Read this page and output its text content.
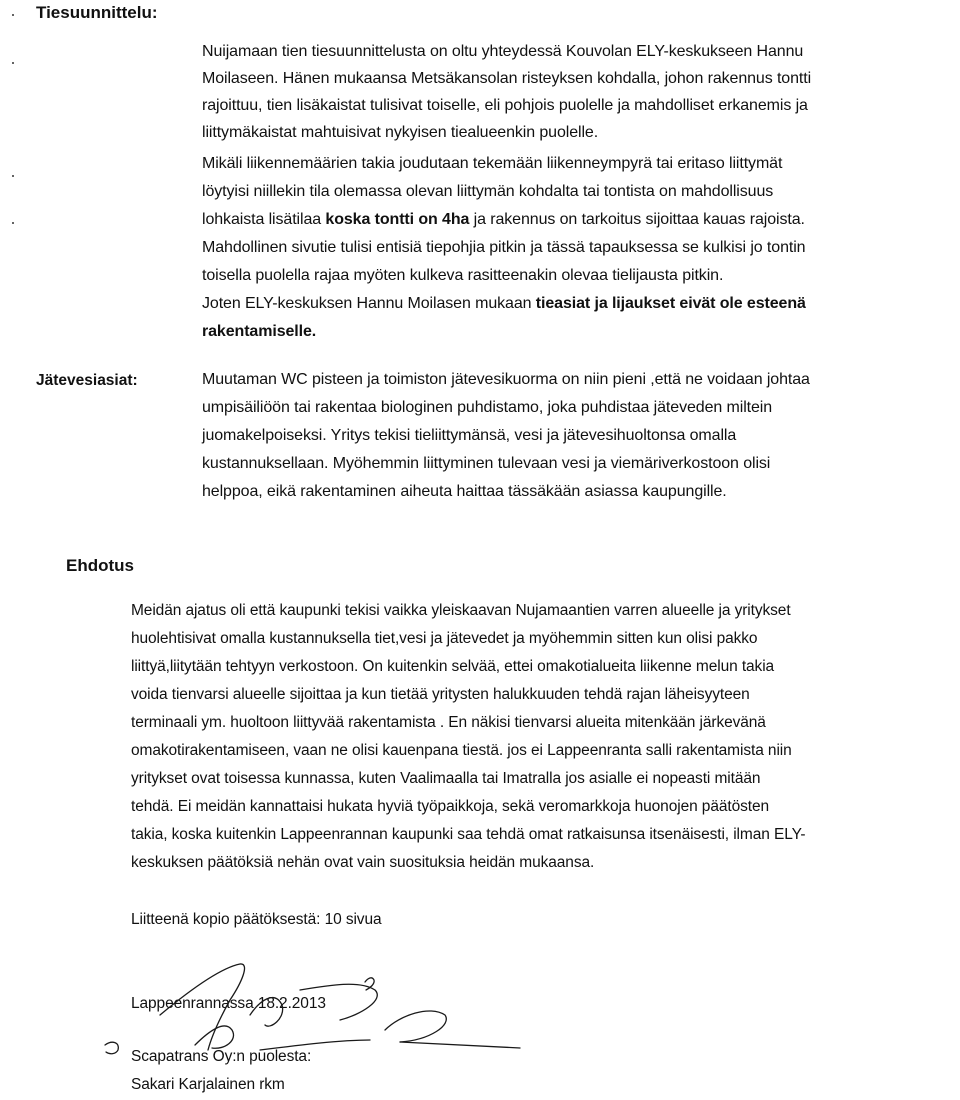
Tiesuunnittelu:
Nuijamaan tien tiesuunnittelusta on oltu yhteydessä Kouvolan ELY-keskukseen Hannu
Moilaseen. Hänen mukaansa Metsäkansolan risteyksen kohdalla, johon rakennus tontti
rajoittuu, tien lisäkaistat tulisivat toiselle, eli pohjois puolelle ja mahdolliset erkanemis ja
liittymäkaistat mahtuisivat nykyisen tiealueenkin puolelle.
Mikäli liikennemäärien takia joudutaan tekemään liikenneympyrä tai eritaso liittymät
löytyisi niillekin tila olemassa olevan liittymän kohdalta tai tontista on mahdollisuus
lohkaista lisätilaa koska tontti on 4ha ja rakennus on tarkoitus sijoittaa kauas rajoista.
Mahdollinen sivutie tulisi entisiä tiepohjia pitkin ja tässä tapauksessa se kulkisi jo tontin
toisella puolella rajaa myöten kulkeva rasitteenakin olevaa tielijausta pitkin.
Joten ELY-keskuksen Hannu Moilasen mukaan tieasiat ja lijaukset eivät ole esteenä
rakentamiselle.
Jätevesiasiat:	Muutaman WC pisteen ja toimiston jätevesikuorma on niin pieni ,että ne voidaan johtaa
umpisäiliöön tai rakentaa biologinen puhdistamo, joka puhdistaa jäteveden miltein
juomakelpoiseksi. Yritys tekisi tieliittymänsä, vesi ja jätevesihuoltonsa omalla
kustannuksellaan. Myöhemmin liittyminen tulevaan vesi ja viemäriverkostoon olisi
helppoa, eikä rakentaminen aiheuta haittaa tässäkään asiassa kaupungille.
Ehdotus
Meidän ajatus oli että kaupunki tekisi vaikka yleiskaavan Nujamaantien varren alueelle ja yritykset
huolehtisivat omalla kustannuksella tiet,vesi ja jätevedet ja myöhemmin sitten kun olisi pakko
liittyä,liitytään tehtyyn verkostoon. On kuitenkin selvää, ettei omakotialueita liikenne melun takia
voida tienvarsi alueelle sijoittaa ja kun tietää yritysten halukkuuden tehdä rajan läheisyyteen
terminaali ym. huoltoon liittyvää rakentamista . En näkisi tienvarsi alueita mitenkään järkevänä
omakotirakentamiseen, vaan ne olisi kauenpana tiestä. jos ei Lappeenranta salli rakentamista niin
yritykset ovat toisessa kunnassa, kuten Vaalimaalla tai Imatralla jos asialle ei nopeasti mitään
tehdä. Ei meidän kannattaisi hukata hyviä työpaikkoja, sekä veromarkkoja huonojen päätösten
takia, koska kuitenkin Lappeenrannan kaupunki saa tehdä omat ratkaisunsa itsenäisesti, ilman ELY-
keskuksen päätöksiä nehän ovat vain suosituksia heidän mukaansa.
Liitteenä kopio päätöksestä: 10 sivua
Lappeenrannassa 18.2.2013
Scapatrans Oy:n puolesta:
Sakari Karjalainen rkm
